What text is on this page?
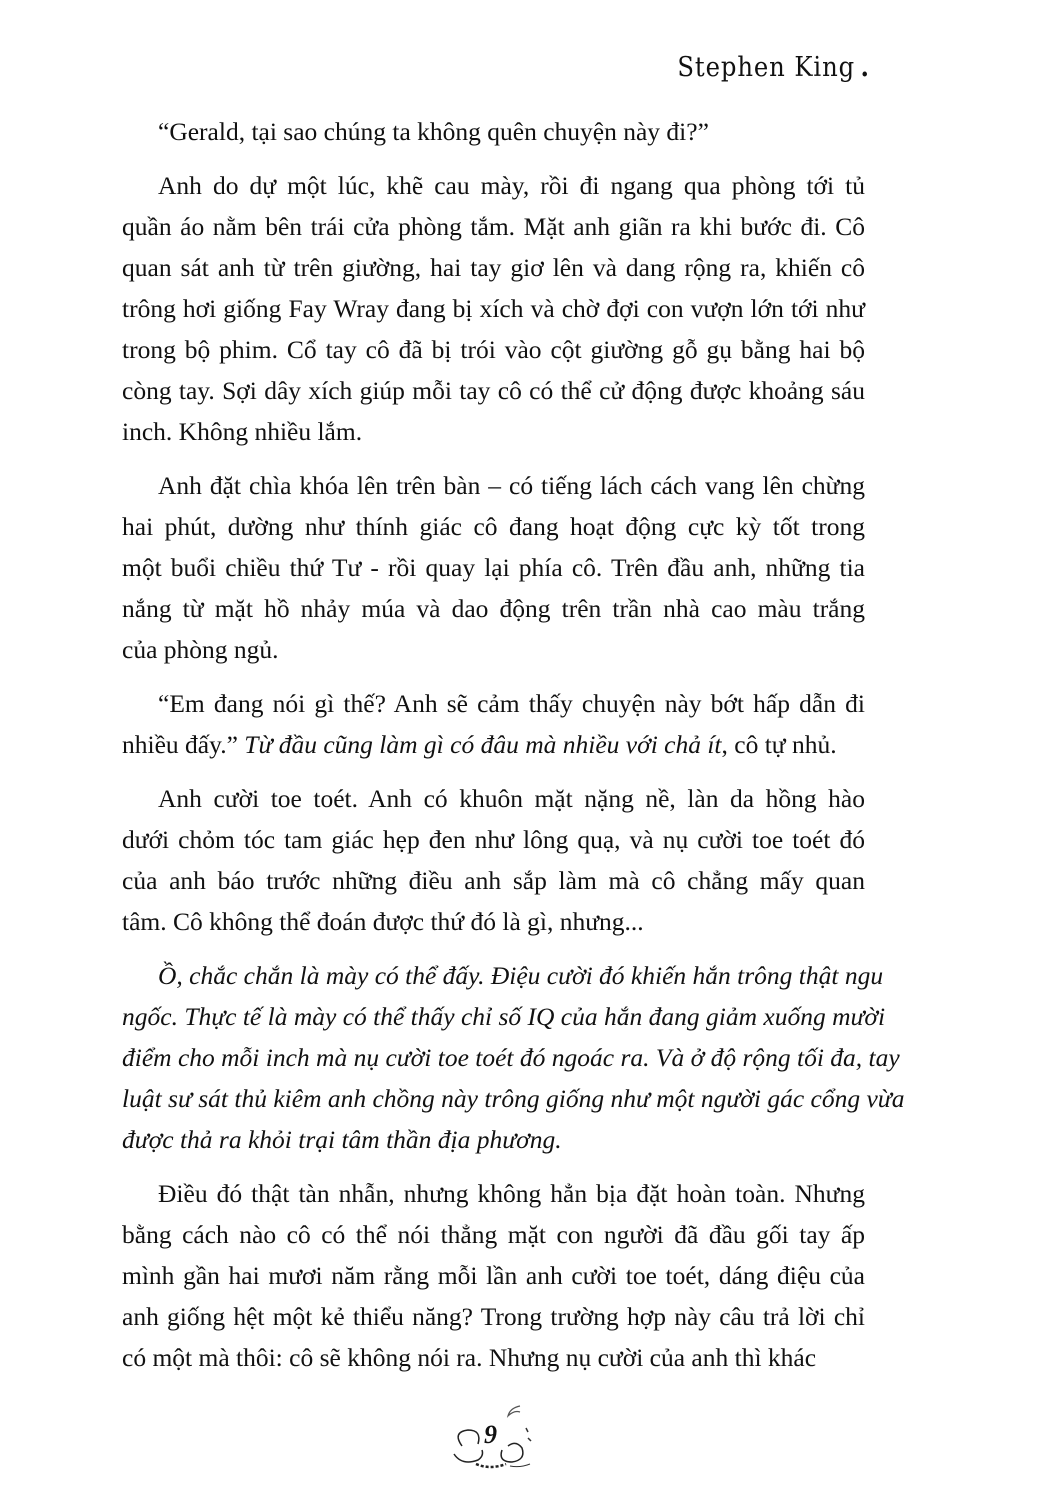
Stephen King .
“Gerald, tại sao chúng ta không quên chuyện này đi?”
Anh do dự một lúc, khẽ cau mày, rồi đi ngang qua phòng tới tủ
quần áo nằm bên trái cửa phòng tắm. Mặt anh giãn ra khi bước đi. Cô
quan sát anh từ trên giường, hai tay giơ lên và dang rộng ra, khiến cô
trông hơi giống Fay Wray đang bị xích và chờ đợi con vượn lớn tới như
trong bộ phim. Cổ tay cô đã bị trói vào cột giường gỗ gụ bằng hai bộ
còng tay. Sợi dây xích giúp mỗi tay cô có thể cử động được khoảng sáu
inch. Không nhiều lắm.
Anh đặt chìa khóa lên trên bàn – có tiếng lách cách vang lên chừng
hai phút, dường như thính giác cô đang hoạt động cực kỳ tốt trong
một buổi chiều thứ Tư - rồi quay lại phía cô. Trên đầu anh, những tia
nắng từ mặt hồ nhảy múa và dao động trên trần nhà cao màu trắng
của phòng ngủ.
“Em đang nói gì thế? Anh sẽ cảm thấy chuyện này bớt hấp dẫn đi
nhiều đấy.” Từ đầu cũng làm gì có đâu mà nhiều với chả ít, cô tự nhủ.
Anh cười toe toét. Anh có khuôn mặt nặng nề, làn da hồng hào
dưới chỏm tóc tam giác hẹp đen như lông quạ, và nụ cười toe toét đó
của anh báo trước những điều anh sắp làm mà cô chẳng mấy quan
tâm. Cô không thể đoán được thứ đó là gì, nhưng...
Ồ, chắc chắn là mày có thể đấy. Điệu cười đó khiến hắn trông thật ngu
ngốc. Thực tế là mày có thể thấy chỉ số IQ của hắn đang giảm xuống mười
điểm cho mỗi inch mà nụ cười toe toét đó ngoác ra. Và ở độ rộng tối đa, tay
luật sư sát thủ kiêm anh chồng này trông giống như một người gác cổng vừa
được thả ra khỏi trại tâm thần địa phương.
Điều đó thật tàn nhẫn, nhưng không hẳn bịa đặt hoàn toàn. Nhưng
bằng cách nào cô có thể nói thẳng mặt con người đã đầu gối tay ấp
mình gần hai mươi năm rằng mỗi lần anh cười toe toét, dáng điệu của
anh giống hệt một kẻ thiểu năng? Trong trường hợp này câu trả lời chỉ
có một mà thôi: cô sẽ không nói ra. Nhưng nụ cười của anh thì khác
9
